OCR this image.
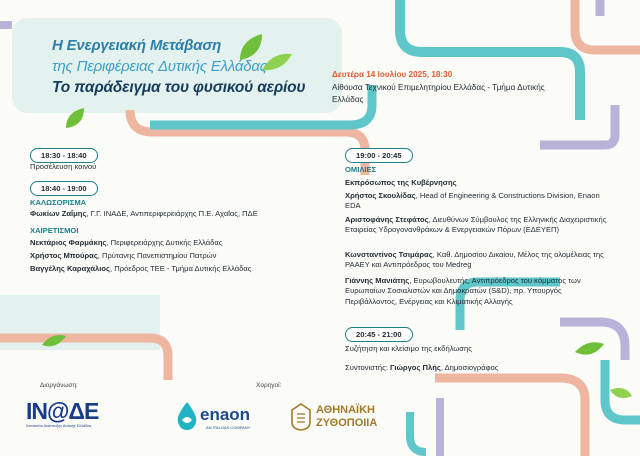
Η Ενεργειακή Μετάβαση
της Περιφέρειας Δυτικής Ελλάδας
Το παράδειγμα του φυσικού αερίου
Δευτέρα 14 Ιουλίου 2025, 18:30
Αίθουσα Τεχνικού Επιμελητηρίου Ελλάδας - Τμήμα Δυτικής Ελλάδας
18:30 - 18:40
Προσέλευση κοινού
18:40 - 19:00
ΚΑΛΩΣΟΡΙΣΜΑ
Φωκίων Ζαΐμης, Γ.Γ. ΙΝΑΔΕ, Αντιπεριφερειάρχης Π.Ε. Αχαΐας, ΠΔΕ
ΧΑΙΡΕΤΙΣΜΟΙ
Νεκτάριος Φαρμάκης, Περιφερειάρχης Δυτικής Ελλάδας
Χρήστος Μπούρας, Πρύτανης Πανεπιστημίου Πατρών
Βαγγέλης Καραχάλιος, Πρόεδρος ΤΕΕ - Τμήμα Δυτικής Ελλάδας
19:00 - 20:45
ΟΜΙΛΙΕΣ
Εκπρόσωπος της Κυβέρνησης
Χρήστος Σκουλίδας, Head of Engineering & Constructions Division, Enaon EDA
Αριστοφάνης Στεφάτος, Διευθύνων Σύμβουλος της Ελληνικής Διαχειριστικής Εταιρείας Υδρογονανθράκων & Ενεργειακών Πόρων (ΕΔΕΥΕΠ)
Κωνσταντίνος Τσιμάρας, Καθ. Δημοσίου Δικαίου, Μέλος της ολομέλειας της ΡΑΑΕΥ και Αντιπρόεδρος του Medreg
Γιάννης Μανιάτης, Ευρωβουλευτής, Αντιπρόεδρος του κόμματος των Ευρωπαίων Σοσιαλιστών και Δημοκρατών (S&D), πρ. Υπουργός Περιβάλλοντος, Ενέργειας και Κλιματικής Αλλαγής
20:45 - 21:00
Συζήτηση και κλείσιμο της εκδήλωσης
Συντονιστής: Γιώργος Πλής, Δημοσιογράφος
Διοργάνωση:
ΙΝ@ΔΕ
Ινστιτούτο Ανάπτυξης Δυτικής Ελλάδας
Χορηγοί:
enaon
AN ITALGAS COMPANY
ΑΘΗΝΑΪΚΗ
ΖΥΘΟΠΟΙΙΑ
